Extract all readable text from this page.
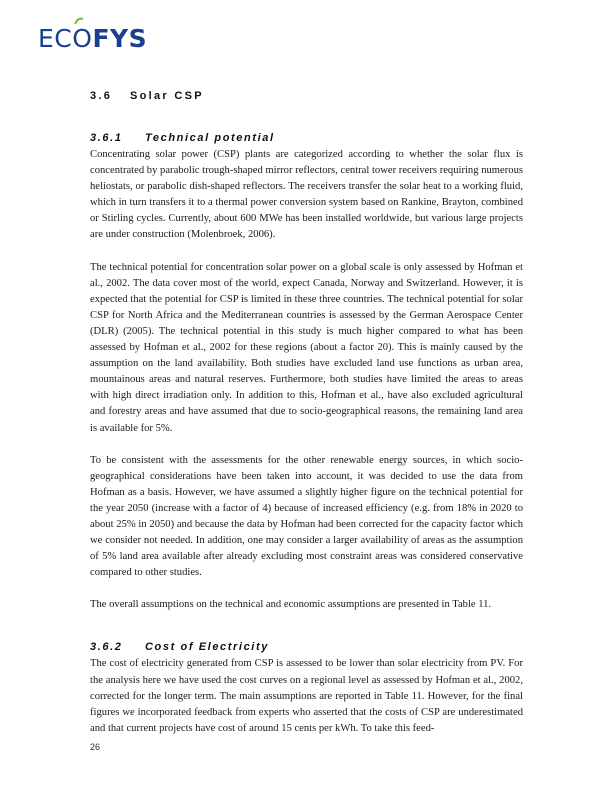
ECOFYS
3.6 Solar CSP
3.6.1 Technical potential

Concentrating solar power (CSP) plants are categorized according to whether the solar flux is concentrated by parabolic trough-shaped mirror reflectors, central tower receivers requiring numerous heliostats, or parabolic dish-shaped reflectors. The receivers transfer the solar heat to a working fluid, which in turn transfers it to a thermal power conversion system based on Rankine, Brayton, combined or Stirling cycles. Currently, about 600 MWe has been installed worldwide, but various large projects are under construction (Molenbroek, 2006).

The technical potential for concentration solar power on a global scale is only assessed by Hofman et al., 2002. The data cover most of the world, expect Canada, Norway and Switzerland. However, it is expected that the potential for CSP is limited in these three countries. The technical potential for solar CSP for North Africa and the Mediterranean countries is assessed by the German Aerospace Center (DLR) (2005). The technical potential in this study is much higher compared to what has been assessed by Hofman et al., 2002 for these regions (about a factor 20). This is mainly caused by the assumption on the land availability. Both studies have excluded land use functions as urban area, mountainous areas and natural reserves. Furthermore, both studies have limited the areas to areas with high direct irradiation only. In addition to this, Hofman et al., have also excluded agricultural and forestry areas and have assumed that due to socio-geographical reasons, the remaining land area is available for 5%.

To be consistent with the assessments for the other renewable energy sources, in which socio-geographical considerations have been taken into account, it was decided to use the data from Hofman as a basis. However, we have assumed a slightly higher figure on the technical potential for the year 2050 (increase with a factor of 4) because of increased efficiency (e.g. from 18% in 2020 to about 25% in 2050) and because the data by Hofman had been corrected for the capacity factor which we consider not needed. In addition, one may consider a larger availability of areas as the assumption of 5% land area available after already excluding most constraint areas was considered conservative compared to other studies.

The overall assumptions on the technical and economic assumptions are presented in Table 11.

3.6.2 Cost of Electricity

The cost of electricity generated from CSP is assessed to be lower than solar electricity from PV. For the analysis here we have used the cost curves on a regional level as assessed by Hofman et al., 2002, corrected for the longer term. The main assumptions are reported in Table 11. However, for the final figures we incorporated feedback from experts who asserted that the costs of CSP are underestimated and that current projects have cost of around 15 cents per kWh. To take this feed-

26
